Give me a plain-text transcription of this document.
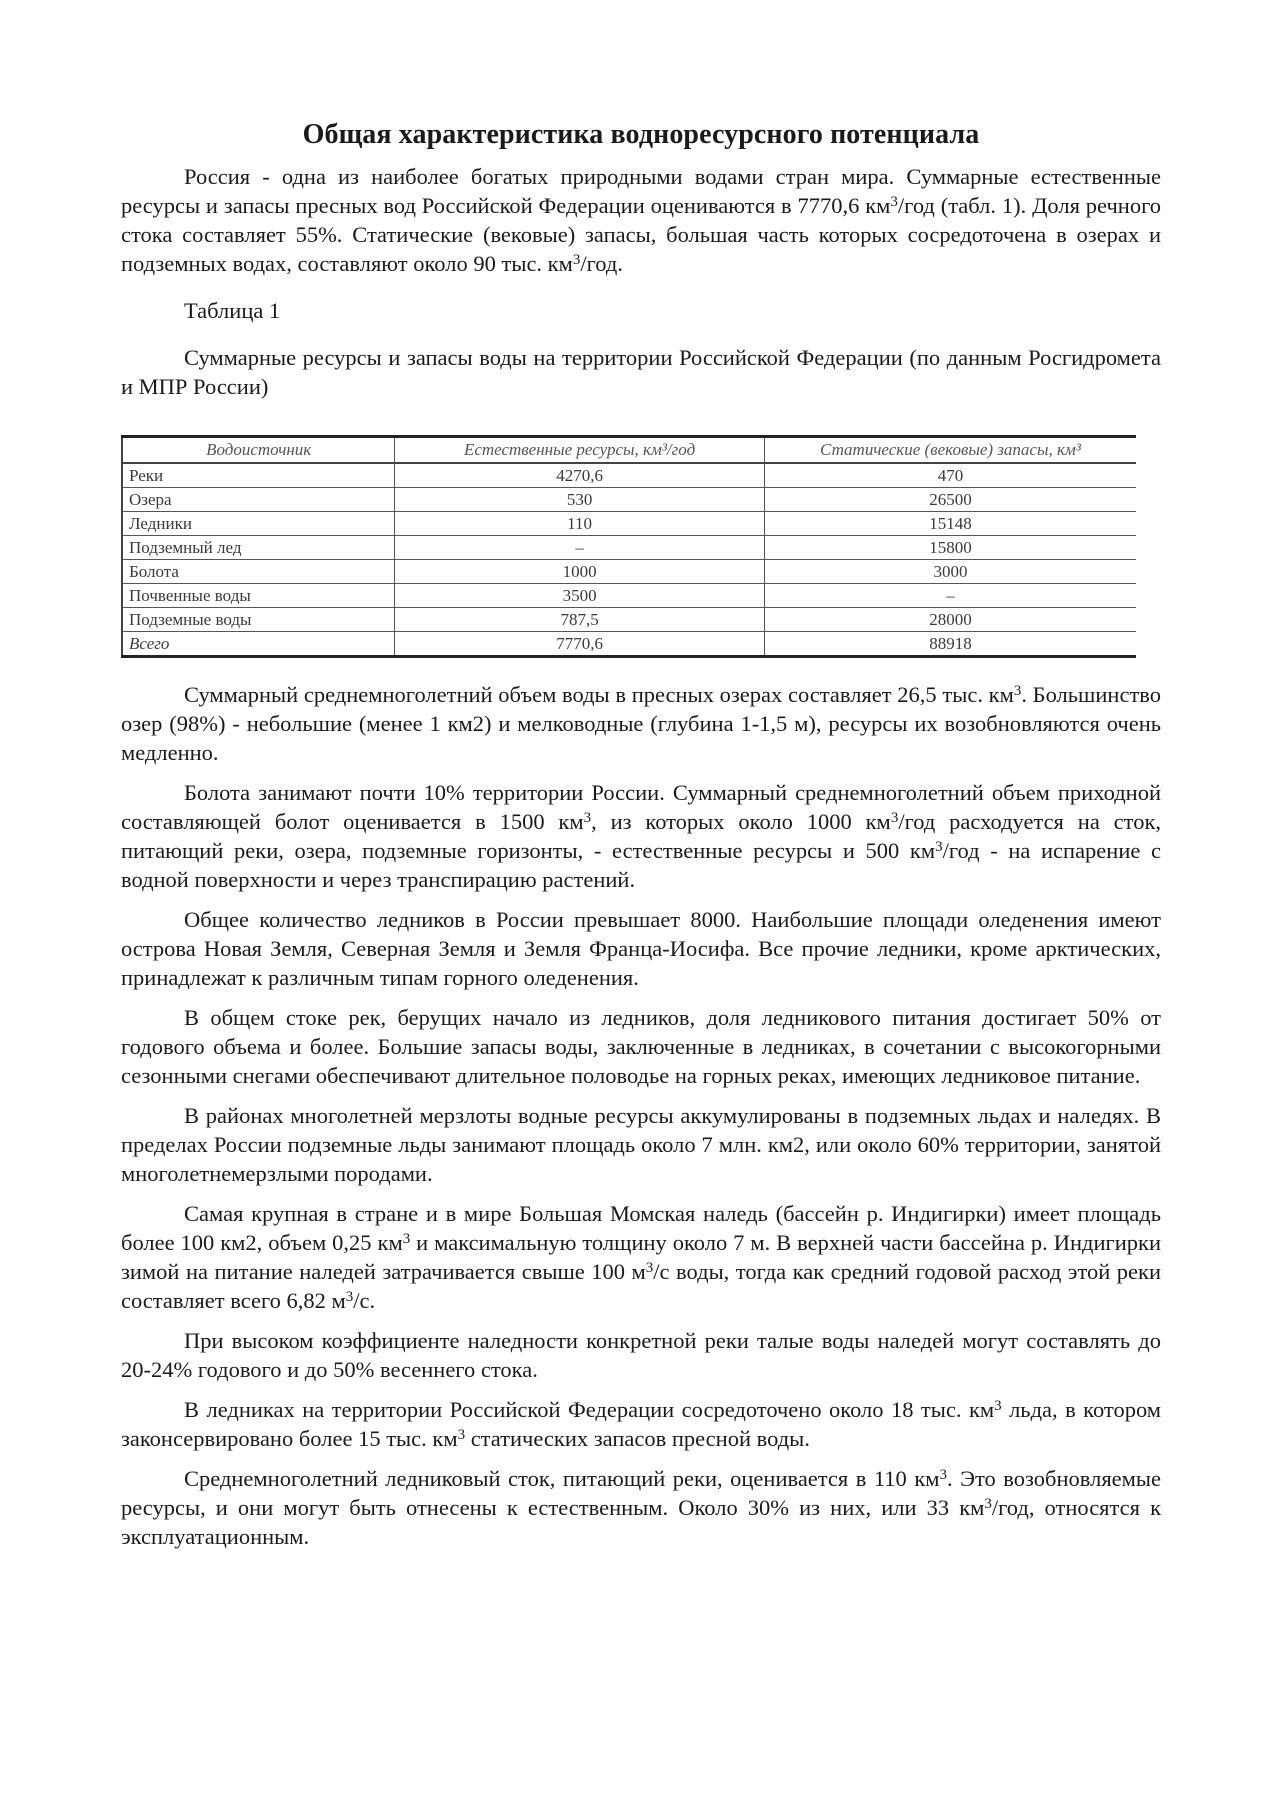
Общая характеристика водноресурсного потенциала

Россия - одна из наиболее богатых природными водами стран мира. Суммарные естественные ресурсы и запасы пресных вод Российской Федерации оцениваются в 7770,6 $км^3$/год (табл. 1). Доля речного стока составляет 55%. Статические (вековые) запасы, большая часть которых сосредоточена в озерах и подземных водах, составляют около 90 тыс. $км^3$/год.

Таблица 1

Суммарные ресурсы и запасы воды на территории Российской Федерации (по данным Росгидромета и МПР России)

Водоисточник	Естественные ресурсы, км³/год	Статические (вековые) запасы, км³
Реки	4270,6	470
Озера	530	26500
Ледники	110	15148
Подземный лед	–	15800
Болота	1000	3000
Почвенные воды	3500	–
Подземные воды	787,5	28000
Всего	7770,6	88918

Суммарный среднемноголетний объем воды в пресных озерах составляет 26,5 тыс. $км^3$. Большинство озер (98%) - небольшие (менее 1 км2) и мелководные (глубина 1-1,5 м), ресурсы их возобновляются очень медленно.

Болота занимают почти 10% территории России. Суммарный среднемноголетний объем приходной составляющей болот оценивается в 1500 $км^3$, из которых около 1000 $км^3$/год расходуется на сток, питающий реки, озера, подземные горизонты, - естественные ресурсы и 500 $км^3$/год - на испарение с водной поверхности и через транспирацию растений.

Общее количество ледников в России превышает 8000. Наибольшие площади оледенения имеют острова Новая Земля, Северная Земля и Земля Франца-Иосифа. Все прочие ледники, кроме арктических, принадлежат к различным типам горного оледенения.

В общем стоке рек, берущих начало из ледников, доля ледникового питания достигает 50% от годового объема и более. Большие запасы воды, заключенные в ледниках, в сочетании с высокогорными сезонными снегами обеспечивают длительное половодье на горных реках, имеющих ледниковое питание.

В районах многолетней мерзлоты водные ресурсы аккумулированы в подземных льдах и наледях. В пределах России подземные льды занимают площадь около 7 млн. км2, или около 60% территории, занятой многолетнемерзлыми породами.

Самая крупная в стране и в мире Большая Момская наледь (бассейн р. Индигирки) имеет площадь более 100 км2, объем 0,25 $км^3$ и максимальную толщину около 7 м. В верхней части бассейна р. Индигирки зимой на питание наледей затрачивается свыше 100 $м^3/с$ воды, тогда как средний годовой расход этой реки составляет всего 6,82 $м^3/с$.

При высоком коэффициенте наледности конкретной реки талые воды наледей могут составлять до 20-24% годового и до 50% весеннего стока.

В ледниках на территории Российской Федерации сосредоточено около 18 тыс. $км^3$ льда, в котором законсервировано более 15 тыс. $км^3$ статических запасов пресной воды.

Среднемноголетний ледниковый сток, питающий реки, оценивается в 110 $км^3$. Это возобновляемые ресурсы, и они могут быть отнесены к естественным. Около 30% из них, или 33 $км^3$/год, относятся к эксплуатационным.
